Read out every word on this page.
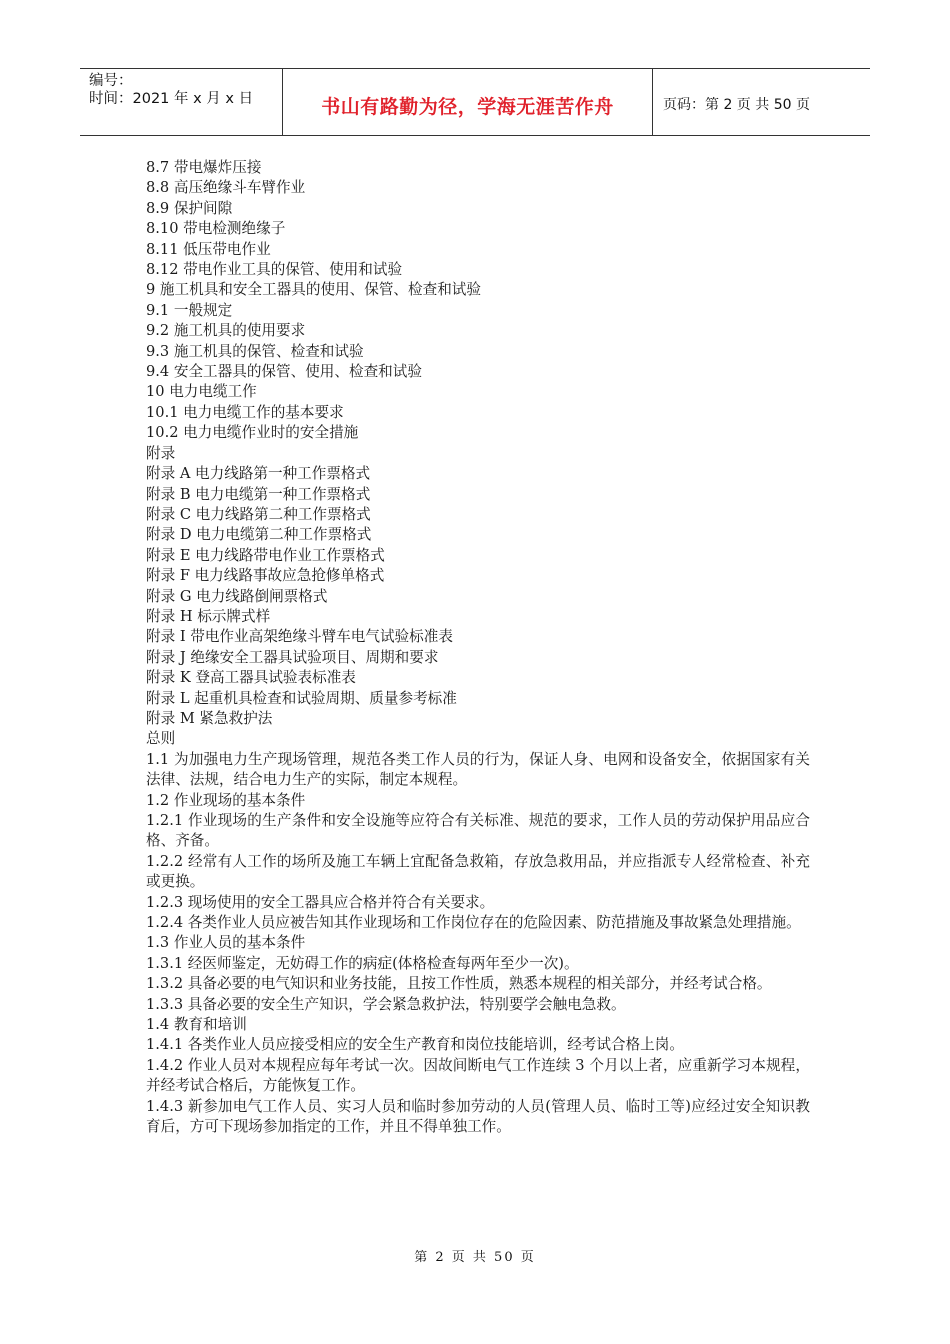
编号：
时间：2021 年 x 月 x 日	书山有路勤为径，学海无涯苦作舟	页码：第 2 页 共 50 页
8.7 带电爆炸压接
8.8 高压绝缘斗车臂作业
8.9 保护间隙
8.10 带电检测绝缘子
8.11 低压带电作业
8.12 带电作业工具的保管、使用和试验
9 施工机具和安全工器具的使用、保管、检查和试验
9.1 一般规定
9.2 施工机具的使用要求
9.3 施工机具的保管、检查和试验
9.4 安全工器具的保管、使用、检查和试验
10 电力电缆工作
10.1 电力电缆工作的基本要求
10.2 电力电缆作业时的安全措施
附录
附录 A 电力线路第一种工作票格式
附录 B 电力电缆第一种工作票格式
附录 C 电力线路第二种工作票格式
附录 D 电力电缆第二种工作票格式
附录 E 电力线路带电作业工作票格式
附录 F 电力线路事故应急抢修单格式
附录 G 电力线路倒闸票格式
附录 H 标示牌式样
附录 I 带电作业高架绝缘斗臂车电气试验标准表
附录 J 绝缘安全工器具试验项目、周期和要求
附录 K 登高工器具试验表标准表
附录 L 起重机具检查和试验周期、质量参考标准
附录 M 紧急救护法
总则
1.1 为加强电力生产现场管理，规范各类工作人员的行为，保证人身、电网和设备安全，依据国家有关法律、法规，结合电力生产的实际，制定本规程。
1.2 作业现场的基本条件
1.2.1 作业现场的生产条件和安全设施等应符合有关标准、规范的要求，工作人员的劳动保护用品应合格、齐备。
1.2.2 经常有人工作的场所及施工车辆上宜配备急救箱，存放急救用品，并应指派专人经常检查、补充或更换。
1.2.3 现场使用的安全工器具应合格并符合有关要求。
1.2.4 各类作业人员应被告知其作业现场和工作岗位存在的危险因素、防范措施及事故紧急处理措施。
1.3 作业人员的基本条件
1.3.1 经医师鉴定，无妨碍工作的病症(体格检查每两年至少一次)。
1.3.2 具备必要的电气知识和业务技能，且按工作性质，熟悉本规程的相关部分，并经考试合格。
1.3.3 具备必要的安全生产知识，学会紧急救护法，特别要学会触电急救。
1.4 教育和培训
1.4.1 各类作业人员应接受相应的安全生产教育和岗位技能培训，经考试合格上岗。
1.4.2 作业人员对本规程应每年考试一次。因故间断电气工作连续 3 个月以上者，应重新学习本规程，并经考试合格后，方能恢复工作。
1.4.3 新参加电气工作人员、实习人员和临时参加劳动的人员(管理人员、临时工等)应经过安全知识教育后，方可下现场参加指定的工作，并且不得单独工作。
第 2 页 共 50 页
